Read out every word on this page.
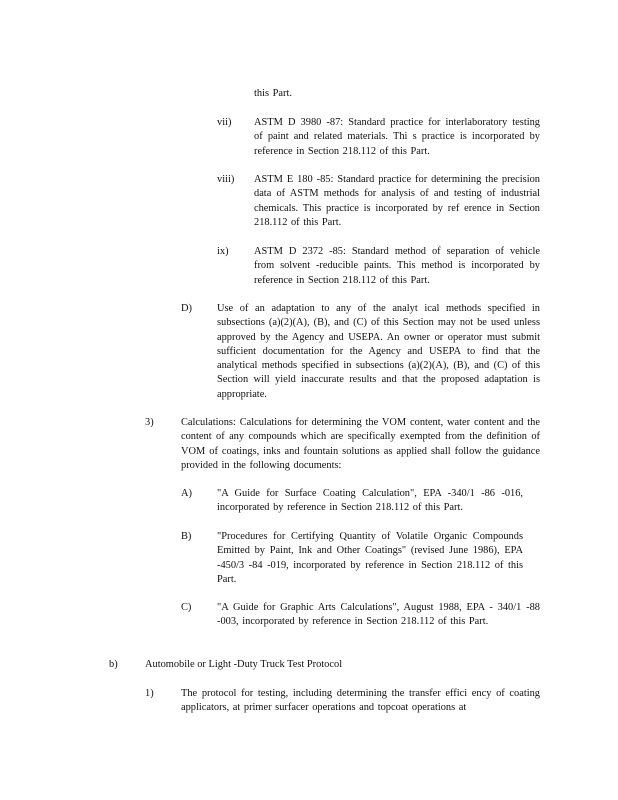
this Part.

vii) ASTM D 3980 -87: Standard practice for interlaboratory testing of paint and related materials. Thi s practice is incorporated by reference in Section 218.112 of this Part.

viii) ASTM E 180 -85: Standard practice for determining the precision data of ASTM methods for analysis of and testing of industrial chemicals. This practice is incorporated by ref erence in Section 218.112 of this Part.

ix) ASTM D 2372 -85: Standard method of separation of vehicle from solvent -reducible paints. This method is incorporated by reference in Section 218.112 of this Part.

D) Use of an adaptation to any of the analyt ical methods specified in subsections (a)(2)(A), (B), and (C) of this Section may not be used unless approved by the Agency and USEPA. An owner or operator must submit sufficient documentation for the Agency and USEPA to find that the analytical methods specified in subsections (a)(2)(A), (B), and (C) of this Section will yield inaccurate results and that the proposed adaptation is appropriate.

3)	Calculations: Calculations for determining the VOM content, water content and the content of any compounds which are specifically exempted from the definition of VOM of coatings, inks and fountain solutions as applied shall follow the guidance provided in the following documents:

A) "A Guide for Surface Coating Calculation", EPA -340/1 -86 -016, incorporated by reference in Section 218.112 of this Part.

B) "Procedures for Certifying Quantity of Volatile Organic Compounds Emitted by Paint, Ink and Other Coatings" (revised June 1986), EPA -450/3 -84 -019, incorporated by reference in Section 218.112 of this Part.

C) "A Guide for Graphic Arts Calculations", August 1988, EPA - 340/1 -88 -003, incorporated by reference in Section 218.112 of this Part.

b)	Automobile or Light -Duty Truck Test Protocol

1)	The protocol for testing, including determining the transfer effici ency of coating applicators, at primer surfacer operations and topcoat operations at
